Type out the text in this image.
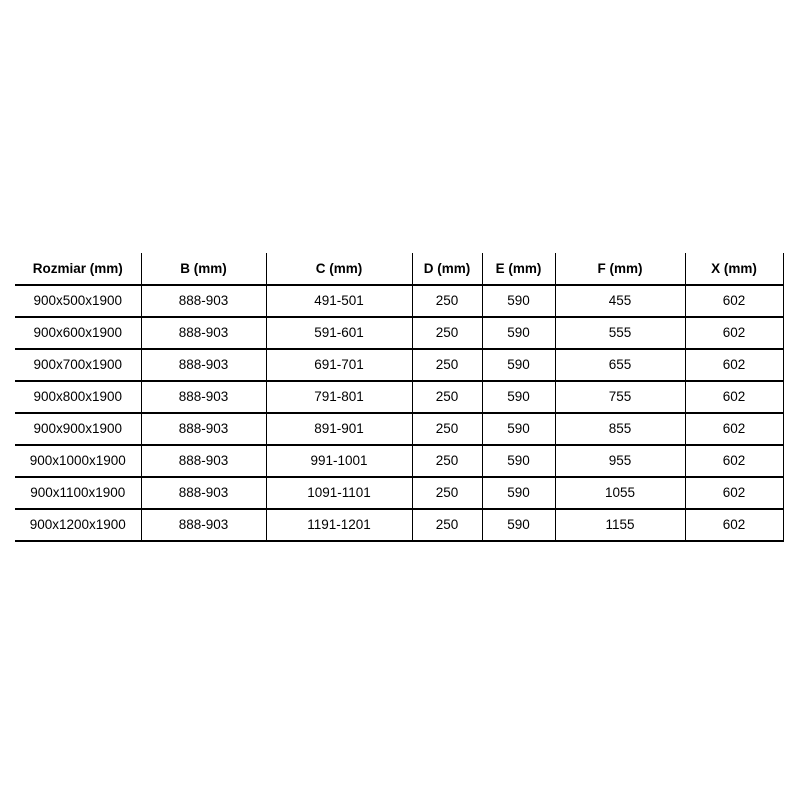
Rozmiar (mm)	B (mm)	C (mm)	D (mm)	E (mm)	F (mm)	X (mm)
900x500x1900	888-903	491-501	250	590	455	602
900x600x1900	888-903	591-601	250	590	555	602
900x700x1900	888-903	691-701	250	590	655	602
900x800x1900	888-903	791-801	250	590	755	602
900x900x1900	888-903	891-901	250	590	855	602
900x1000x1900	888-903	991-1001	250	590	955	602
900x1100x1900	888-903	1091-1101	250	590	1055	602
900x1200x1900	888-903	1191-1201	250	590	1155	602
